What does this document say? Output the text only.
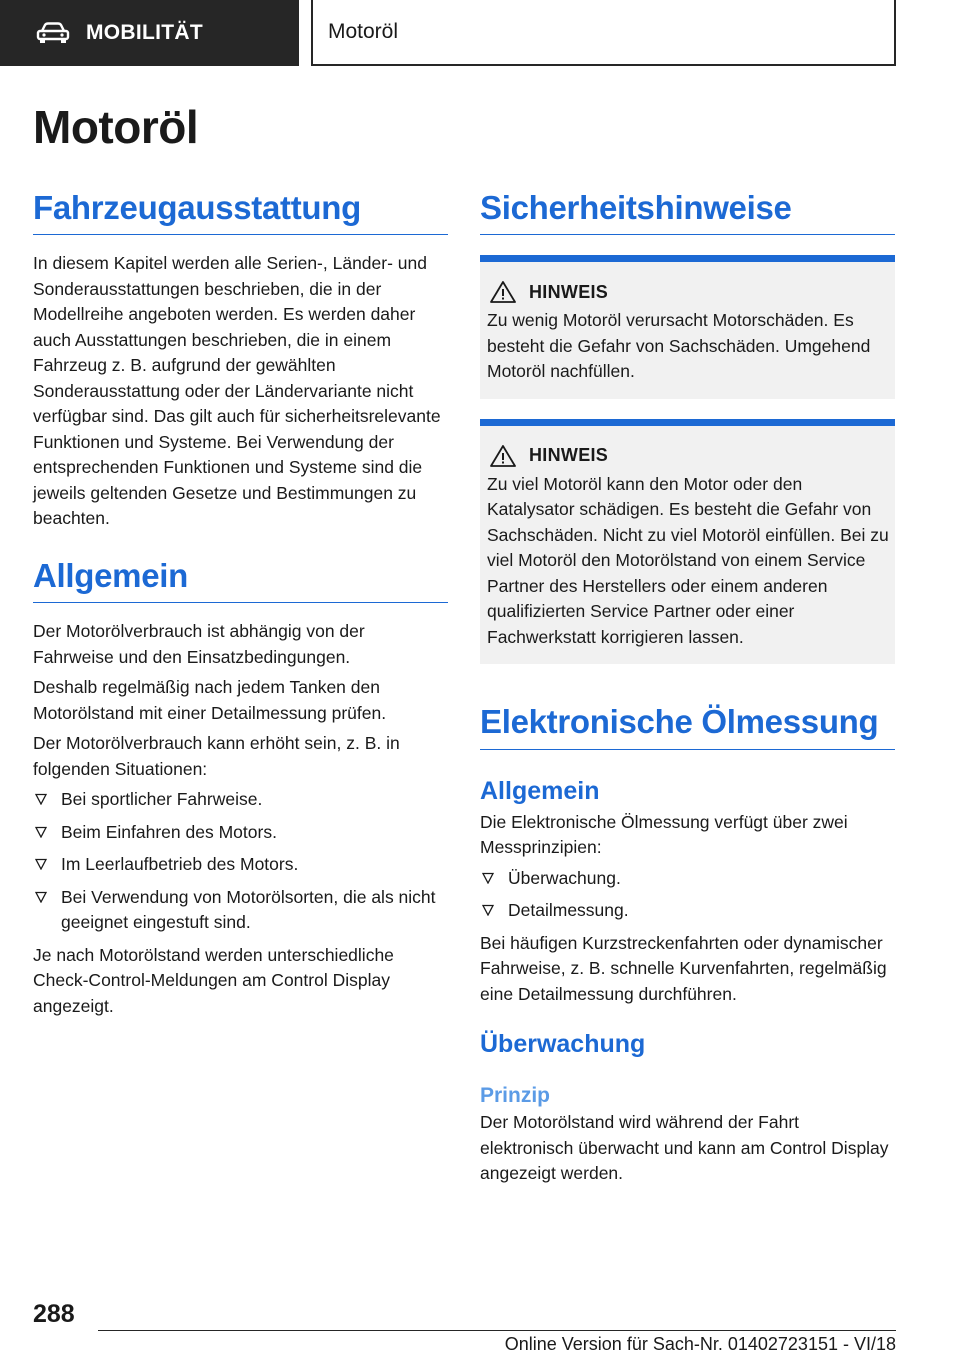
MOBILITÄT	Motoröl
Motoröl
Fahrzeugausstattung

In diesem Kapitel werden alle Serien-, Länder- und Sonderausstattungen beschrieben, die in der Modellreihe angeboten werden. Es werden daher auch Ausstattungen beschrieben, die in einem Fahrzeug z. B. aufgrund der gewählten Sonderausstattung oder der Ländervariante nicht verfügbar sind. Das gilt auch für sicherheitsrelevante Funktionen und Systeme. Bei Verwendung der entsprechenden Funktionen und Systeme sind die jeweils geltenden Gesetze und Bestimmungen zu beachten.

Allgemein

Der Motorölverbrauch ist abhängig von der Fahrweise und den Einsatzbedingungen.

Deshalb regelmäßig nach jedem Tanken den Motorölstand mit einer Detailmessung prüfen.

Der Motorölverbrauch kann erhöht sein, z. B. in folgenden Situationen:

Bei sportlicher Fahrweise.
Beim Einfahren des Motors.
Im Leerlaufbetrieb des Motors.
Bei Verwendung von Motorölsorten, die als nicht geeignet eingestuft sind.

Je nach Motorölstand werden unterschiedliche Check-Control-Meldungen am Control Display angezeigt.

Sicherheitshinweise
HINWEIS

Zu wenig Motoröl verursacht Motorschäden. Es besteht die Gefahr von Sachschäden. Umgehend Motoröl nachfüllen.

HINWEIS

Zu viel Motoröl kann den Motor oder den Katalysator schädigen. Es besteht die Gefahr von Sachschäden. Nicht zu viel Motoröl einfüllen. Bei zu viel Motoröl den Motorölstand von einem Service Partner des Herstellers oder einem anderen qualifizierten Service Partner oder einer Fachwerkstatt korrigieren lassen.

Elektronische Ölmessung
Allgemein

Die Elektronische Ölmessung verfügt über zwei Messprinzipien:

Überwachung.
Detailmessung.

Bei häufigen Kurzstreckenfahrten oder dynamischer Fahrweise, z. B. schnelle Kurvenfahrten, regelmäßig eine Detailmessung durchführen.

Überwachung
Prinzip

Der Motorölstand wird während der Fahrt elektronisch überwacht und kann am Control Display angezeigt werden.

288
Online Version für Sach-Nr. 01402723151 - VI/18
